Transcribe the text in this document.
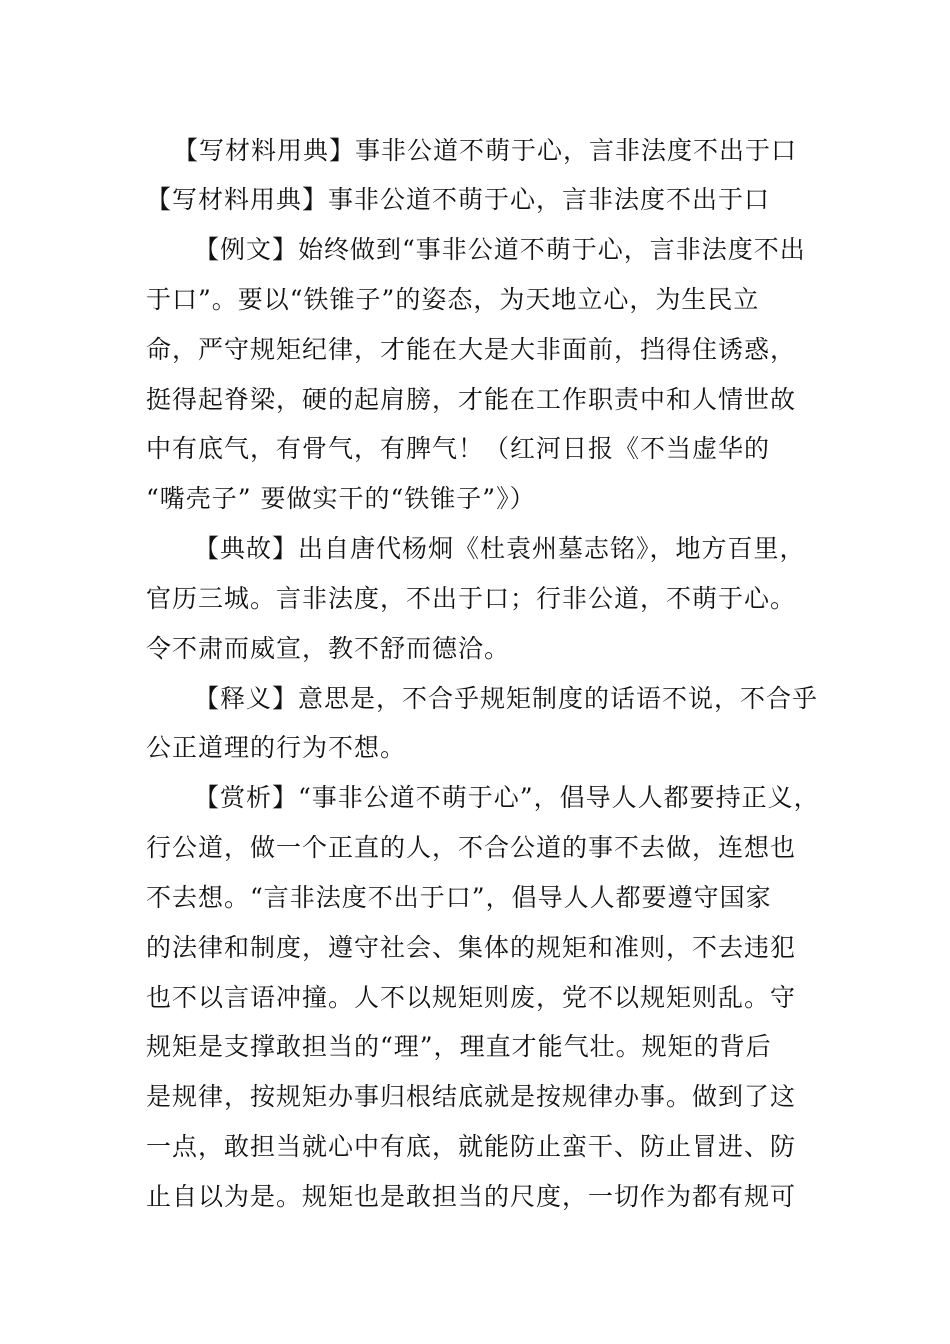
【写材料用典】事非公道不萌于心，言非法度不出于口
【写材料用典】事非公道不萌于心，言非法度不出于口
【例文】始终做到“事非公道不萌于心，言非法度不出
于口”。要以“铁锥子”的姿态，为天地立心，为生民立
命，严守规矩纪律，才能在大是大非面前，挡得住诱惑，
挺得起脊梁，硬的起肩膀，才能在工作职责中和人情世故
中有底气，有骨气，有脾气！（红河日报《不当虚华的
“嘴壳子” 要做实干的“铁锥子”》）
【典故】出自唐代杨炯《杜袁州墓志铭》，地方百里，
官历三城。言非法度，不出于口；行非公道，不萌于心。
令不肃而威宣，教不舒而德洽。
【释义】意思是，不合乎规矩制度的话语不说，不合乎
公正道理的行为不想。
【赏析】“事非公道不萌于心”，倡导人人都要持正义，
行公道，做一个正直的人，不合公道的事不去做，连想也
不去想。“言非法度不出于口”，倡导人人都要遵守国家
的法律和制度，遵守社会、集体的规矩和准则，不去违犯
也不以言语冲撞。人不以规矩则废，党不以规矩则乱。守
规矩是支撑敢担当的“理”，理直才能气壮。规矩的背后
是规律，按规矩办事归根结底就是按规律办事。做到了这
一点，敢担当就心中有底，就能防止蛮干、防止冒进、防
止自以为是。规矩也是敢担当的尺度，一切作为都有规可
